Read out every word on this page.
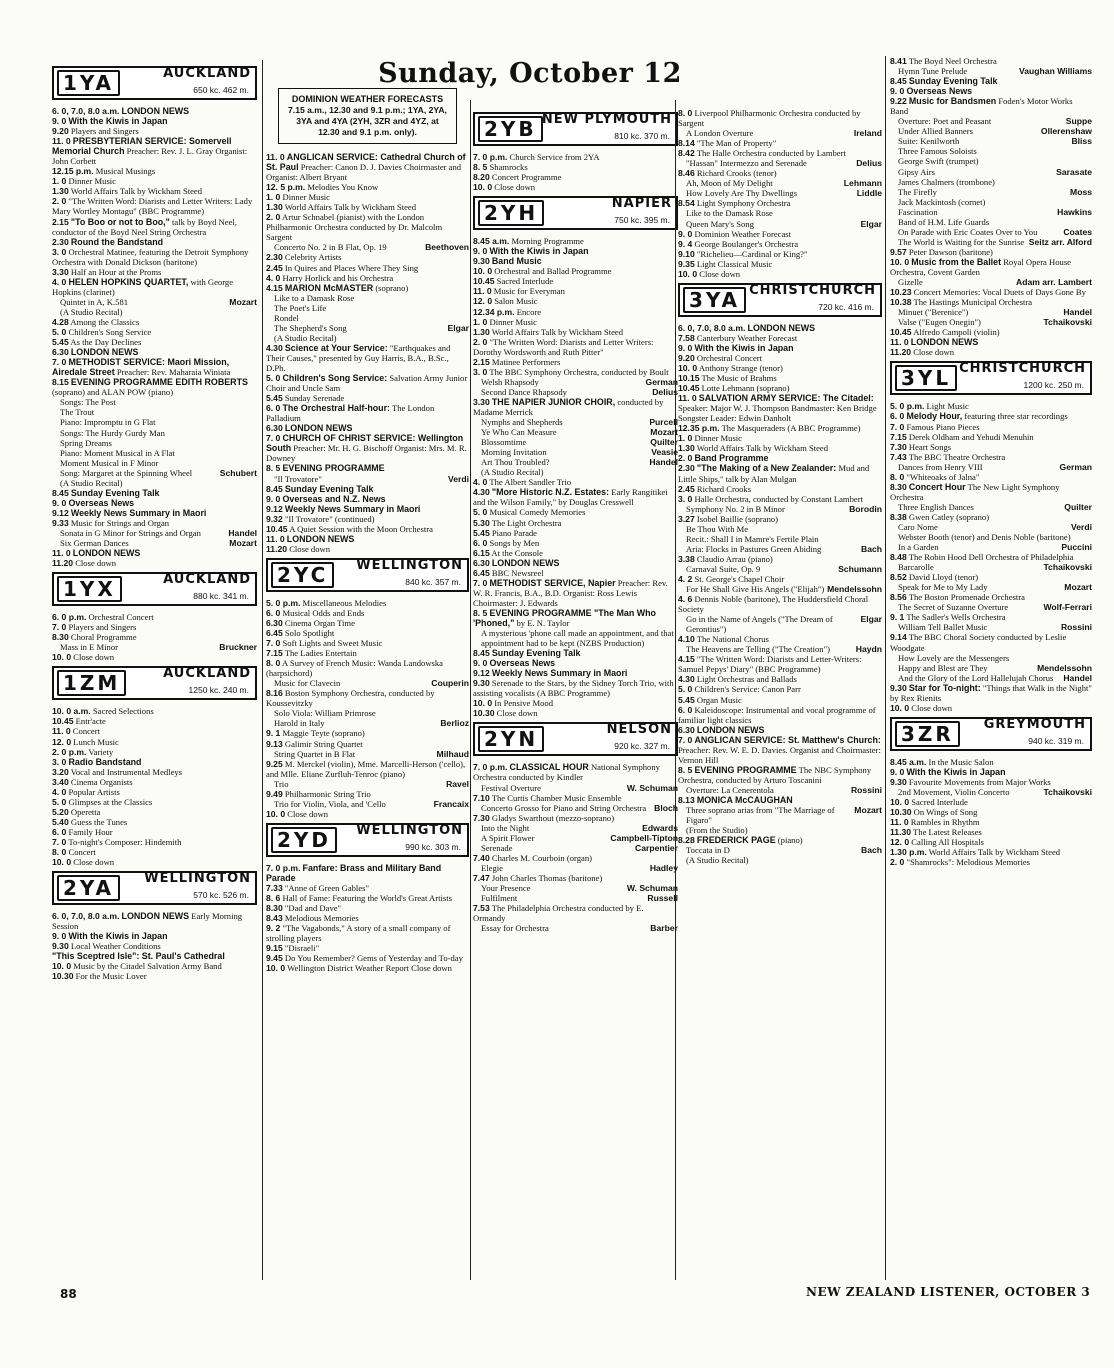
Sunday, October 12
1YA	AUCKLAND
650 kc. 462 m.
6. 0, 7.0, 8.0 a.m. LONDON NEWS
9. 0 With the Kiwis in Japan
9.20 Players and Singers
11. 0 PRESBYTERIAN SERVICE: Somervell Memorial Church Preacher: Rev. J. L. Gray Organist: John Corbett
12.15 p.m. Musical Musings
1. 0 Dinner Music
1.30 World Affairs Talk by Wickham Steed
2. 0 "The Written Word: Diarists and Letter Writers: Lady Mary Wortley Montagu" (BBC Programme)
2.15 "To Boo or not to Boo," talk by Boyd Neel, conductor of the Boyd Neel String Orchestra
2.30 Round the Bandstand
3. 0 Orchestral Matinee, featuring the Detroit Symphony Orchestra with Donald Dickson (baritone)
3.30 Half an Hour at the Proms
4. 0 HELEN HOPKINS QUARTET, with George Hopkins (clarinet)
Mozart
Quintet in A, K.581
(A Studio Recital)
4.28 Among the Classics
5. 0 Children's Song Service
5.45 As the Day Declines
6.30 LONDON NEWS
7. 0 METHODIST SERVICE: Maori Mission, Airedale Street Preacher: Rev. Maharaia Winiata
8.15 EVENING PROGRAMME EDITH ROBERTS (soprano) and ALAN POW (piano)
Songs: The Post
The Trout
Piano: Impromptu in G Flat
Songs: The Hurdy Gurdy Man
Spring Dreams
Piano: Moment Musical in A Flat
Moment Musical in F Minor
Schubert
Song: Margaret at the Spinning Wheel
(A Studio Recital)
8.45 Sunday Evening Talk
9. 0 Overseas News
9.12 Weekly News Summary in Maori
9.33 Music for Strings and Organ
Handel
Sonata in G Minor for Strings and Organ
Mozart
Six German Dances
11. 0 LONDON NEWS
11.20 Close down
1YX	AUCKLAND
880 kc. 341 m.
6. 0 p.m. Orchestral Concert
7. 0 Players and Singers
8.30 Choral Programme
Bruckner
Mass in E Minor
10. 0 Close down
1ZM	AUCKLAND
1250 kc. 240 m.
10. 0 a.m. Sacred Selections
10.45 Entr'acte
11. 0 Concert
12. 0 Lunch Music
2. 0 p.m. Variety
3. 0 Radio Bandstand
3.20 Vocal and Instrumental Medleys
3.40 Cinema Organists
4. 0 Popular Artists
5. 0 Glimpses at the Classics
5.20 Operetta
5.40 Guess the Tunes
6. 0 Family Hour
7. 0 To-night's Composer: Hindemith
8. 0 Concert
10. 0 Close down
2YA	WELLINGTON
570 kc. 526 m.
6. 0, 7.0, 8.0 a.m. LONDON NEWS Early Morning Session
9. 0 With the Kiwis in Japan
9.30 Local Weather Conditions
"This Sceptred Isle": St. Paul's Cathedral
10. 0 Music by the Citadel Salvation Army Band
10.30 For the Music Lover
DOMINION WEATHER FORECASTS
7.15 a.m., 12.30 and 9.1 p.m.; 1YA, 2YA, 3YA and 4YA (2YH, 3ZR and 4YZ, at 12.30 and 9.1 p.m. only).
11. 0 ANGLICAN SERVICE: Cathedral Church of St. Paul Preacher: Canon D. J. Davies Choirmaster and Organist: Albert Bryant
12. 5 p.m. Melodies You Know
1. 0 Dinner Music
1.30 World Affairs Talk by Wickham Steed
2. 0 Artur Schnabel (pianist) with the London Philharmonic Orchestra conducted by Dr. Malcolm Sargent
Beethoven
Concerto No. 2 in B Flat, Op. 19
2.30 Celebrity Artists
2.45 In Quires and Places Where They Sing
4. 0 Harry Horlick and his Orchestra
4.15 MARION McMASTER (soprano)
Like to a Damask Rose
The Poet's Life
Rondel
Elgar
The Shepherd's Song
(A Studio Recital)
4.30 Science at Your Service: "Earthquakes and Their Causes," presented by Guy Harris, B.A., B.Sc., D.Ph.
5. 0 Children's Song Service: Salvation Army Junior Choir and Uncle Sam
5.45 Sunday Serenade
6. 0 The Orchestral Half-hour: The London Palladium
6.30 LONDON NEWS
7. 0 CHURCH OF CHRIST SERVICE: Wellington South Preacher: Mr. H. G. Bischoff Organist: Mrs. M. R. Downey
8. 5 EVENING PROGRAMME
Verdi
"Il Trovatore"
8.45 Sunday Evening Talk
9. 0 Overseas and N.Z. News
9.12 Weekly News Summary in Maori
9.32 "Il Trovatore" (continued)
10.45 A Quiet Session with the Moon Orchestra
11. 0 LONDON NEWS
11.20 Close down
2YC	WELLINGTON
840 kc. 357 m.
5. 0 p.m. Miscellaneous Melodies
6. 0 Musical Odds and Ends
6.30 Cinema Organ Time
6.45 Solo Spotlight
7. 0 Soft Lights and Sweet Music
7.15 The Ladies Entertain
8. 0 A Survey of French Music: Wanda Landowska (harpsichord)
Couperin
Music for Clavecin
8.16 Boston Symphony Orchestra, conducted by Koussevitzky
Solo Viola: William Primrose
Berlioz
Harold in Italy
9. 1 Maggie Teyte (soprano)
9.13 Galimir String Quartet
Milhaud
String Quartet in B Flat
9.25 M. Merckel (violin), Mme. Marcelli-Herson ('cello), and Mlle. Eliane Zurfluh-Tenroc (piano)
Ravel
Trio
9.49 Philharmonic String Trio
Francaix
Trio for Violin, Viola, and 'Cello
10. 0 Close down
2YD	WELLINGTON
990 kc. 303 m.
7. 0 p.m. Fanfare: Brass and Military Band Parade
7.33 "Anne of Green Gables"
8. 6 Hall of Fame: Featuring the World's Great Artists
8.30 "Dad and Dave"
8.43 Melodious Memories
9. 2 "The Vagabonds," A story of a small company of strolling players
9.15 "Disraeli"
9.45 Do You Remember? Gems of Yesterday and To-day
10. 0 Wellington District Weather Report Close down
2YB NEW PLYMOUTH
810 kc. 370 m.
7. 0 p.m. Church Service from 2YA
8. 5 Shamrocks
8.20 Concert Programme
10. 0 Close down
2YH	NAPIER
750 kc. 395 m.
8.45 a.m. Morning Programme
9. 0 With the Kiwis in Japan
9.30 Band Music
10. 0 Orchestral and Ballad Programme
10.45 Sacred Interlude
11. 0 Music for Everyman
12. 0 Salon Music
12.34 p.m. Encore
1. 0 Dinner Music
1.30 World Affairs Talk by Wickham Steed
2. 0 "The Written Word: Diarists and Letter Writers: Dorothy Wordsworth and Ruth Pitter"
2.15 Matinee Performers
3. 0 The BBC Symphony Orchestra, conducted by Boult
German
Welsh Rhapsody
Delius
Second Dance Rhapsody
3.30 THE NAPIER JUNIOR CHOIR, conducted by Madame Merrick
Purcell
Nymphs and Shepherds
Mozart
Ye Who Can Measure
Quilter
Blossomtime
Veasie
Morning Invitation
Handel
Art Thou Troubled?
(A Studio Recital)
4. 0 The Albert Sandler Trio
4.30 "More Historic N.Z. Estates: Early Rangitikei and the Wilson Family," by Douglas Cresswell
5. 0 Musical Comedy Memories
5.30 The Light Orchestra
5.45 Piano Parade
6. 0 Songs by Men
6.15 At the Console
6.30 LONDON NEWS
6.45 BBC Newsreel
7. 0 METHODIST SERVICE, Napier Preacher: Rev. W. R. Francis, B.A., B.D. Organist: Ross Lewis Choirmaster: J. Edwards
8. 5 EVENING PROGRAMME "The Man Who 'Phoned," by E. N. Taylor
A mysterious 'phone call made an appointment, and that appointment had to be kept (NZBS Production)
8.45 Sunday Evening Talk
9. 0 Overseas News
9.12 Weekly News Summary in Maori
9.30 Serenade to the Stars, by the Sidney Torch Trio, with assisting vocalists (A BBC Programme)
10. 0 In Pensive Mood
10.30 Close down
2YN	NELSON
920 kc. 327 m.
7. 0 p.m. CLASSICAL HOUR National Symphony Orchestra conducted by Kindler
W. Schuman
Festival Overture
7.10 The Curtis Chamber Music Ensemble
Bloch
Concerto Grosso for Piano and String Orchestra
7.30 Gladys Swarthout (mezzo-soprano)
Edwards
Into the Night
Campbell-Tipton
A Spirit Flower
Carpentier
Serenade
7.40 Charles M. Courboin (organ)
Hadley
Elegie
7.47 John Charles Thomas (baritone)
W. Schuman
Your Presence
Russell
Fulfilment
7.53 The Philadelphia Orchestra conducted by E. Ormandy
Barber
Essay for Orchestra
8. 0 Liverpool Philharmonic Orchestra conducted by Sargent
Ireland
A London Overture
8.14 "The Man of Property"
8.42 The Halle Orchestra conducted by Lambert
Delius
"Hassan" Intermezzo and Serenade
8.46 Richard Crooks (tenor)
Lehmann
Ah, Moon of My Delight
Liddle
How Lovely Are Thy Dwellings
8.54 Light Symphony Orchestra
Like to the Damask Rose
Elgar
Queen Mary's Song
9. 0 Dominion Weather Forecast
9. 4 George Boulanger's Orchestra
9.10 "Richelieu—Cardinal or King?"
9.35 Light Classical Music
10. 0 Close down
3YA CHRISTCHURCH
720 kc. 416 m.
6. 0, 7.0, 8.0 a.m. LONDON NEWS
7.58 Canterbury Weather Forecast
9. 0 With the Kiwis in Japan
9.20 Orchestral Concert
10. 0 Anthony Strange (tenor)
10.15 The Music of Brahms
10.45 Lotte Lehmann (soprano)
11. 0 SALVATION ARMY SERVICE: The Citadel: Speaker: Major W. J. Thompson Bandmaster: Ken Bridge Songster Leader: Edwin Danholt
12.35 p.m. The Masqueraders (A BBC Programme)
1. 0 Dinner Music
1.30 World Affairs Talk by Wickham Steed
2. 0 Band Programme
2.30 "The Making of a New Zealander: Mud and Little Ships," talk by Alan Mulgan
2.45 Richard Crooks
3. 0 Halle Orchestra, conducted by Constant Lambert
Borodin
Symphony No. 2 in B Minor
3.27 Isobel Baillie (soprano)
Be Thou With Me
Recit.: Shall I in Mamre's Fertile Plain
Bach
Aria: Flocks in Pastures Green Abiding
3.38 Claudio Arrau (piano)
Schumann
Carnaval Suite, Op. 9
4. 2 St. George's Chapel Choir
Mendelssohn
For He Shall Give His Angels ("Elijah")
4. 6 Dennis Noble (baritone), The Huddersfield Choral Society
Elgar
Go in the Name of Angels ("The Dream of Gerontius")
4.10 The National Chorus
Haydn
The Heavens are Telling ("The Creation")
4.15 "The Written Word: Diarists and Letter-Writers: Samuel Pepys' Diary" (BBC Programme)
4.30 Light Orchestras and Ballads
5. 0 Children's Service: Canon Parr
5.45 Organ Music
6. 0 Kaleidoscope: Instrumental and vocal programme of familiar light classics
6.30 LONDON NEWS
7. 0 ANGLICAN SERVICE: St. Matthew's Church: Preacher: Rev. W. E. D. Davies. Organist and Choirmaster: Vernon Hill
8. 5 EVENING PROGRAMME The NBC Symphony Orchestra, conducted by Arturo Toscanini
Rossini
Overture: La Cenerentola
8.13 MONICA McCAUGHAN
Mozart
Three soprano arias from "The Marriage of Figaro"
(From the Studio)
8.28 FREDERICK PAGE (piano)
Bach
Toccata in D
(A Studio Recital)
8.41 The Boyd Neel Orchestra
Vaughan Williams
Hymn Tune Prelude
8.45 Sunday Evening Talk
9. 0 Overseas News
9.22 Music for Bandsmen Foden's Motor Works Band
Suppe
Overture: Poet and Peasant
Ollerenshaw
Under Allied Banners
Bliss
Suite: Kenilworth
Three Famous Soloists
George Swift (trumpet)
Sarasate
Gipsy Airs
James Chalmers (trombone)
Moss
The Firefly
Jack Mackintosh (cornet)
Hawkins
Fascination
Band of H.M. Life Guards
Coates
On Parade with Eric Coates Over to You
Seitz arr. Alford
The World is Waiting for the Sunrise
9.57 Peter Dawson (baritone)
10. 0 Music from the Ballet Royal Opera House Orchestra, Covent Garden
Adam arr. Lambert
Gizelle
10.23 Concert Memories: Vocal Duets of Days Gone By
10.38 The Hastings Municipal Orchestra
Handel
Minuet ("Berenice")
Tchaikovski
Valse ("Eugen Onegin")
10.45 Alfredo Campoli (violin)
11. 0 LONDON NEWS
11.20 Close down
3YL CHRISTCHURCH
1200 kc. 250 m.
5. 0 p.m. Light Music
6. 0 Melody Hour, featuring three star recordings
7. 0 Famous Piano Pieces
7.15 Derek Oldham and Yehudi Menuhin
7.30 Heart Songs
7.43 The BBC Theatre Orchestra
German
Dances from Henry VIII
8. 0 "Whiteoaks of Jalna"
8.30 Concert Hour The New Light Symphony Orchestra
Quilter
Three English Dances
8.38 Gwen Catley (soprano)
Verdi
Caro Nome
Webster Booth (tenor) and Denis Noble (baritone)
Puccini
In a Garden
8.48 The Robin Hood Dell Orchestra of Philadelphia
Tchaikovski
Barcarolle
8.52 David Lloyd (tenor)
Mozart
Speak for Me to My Lady
8.56 The Boston Promenade Orchestra
Wolf-Ferrari
The Secret of Suzanne Overture
9. 1 The Sadler's Wells Orchestra
Rossini
William Tell Ballet Music
9.14 The BBC Choral Society conducted by Leslie Woodgate
How Lovely are the Messengers
Mendelssohn
Happy and Blest are They
Handel
And the Glory of the Lord Hallelujah Chorus
9.30 Star for To-night: "Things that Walk in the Night" by Rex Rienits
10. 0 Close down
3ZR	GREYMOUTH
940 kc. 319 m.
8.45 a.m. In the Music Salon
9. 0 With the Kiwis in Japan
9.30 Favourite Movements from Major Works
Tchaikovski
2nd Movement, Violin Concerto
10. 0 Sacred Interlude
10.30 On Wings of Song
11. 0 Rambles in Rhythm
11.30 The Latest Releases
12. 0 Calling All Hospitals
1.30 p.m. World Affairs Talk by Wickham Steed
2. 0 "Shamrocks": Melodious Memories
88	NEW ZEALAND LISTENER, OCTOBER 3
